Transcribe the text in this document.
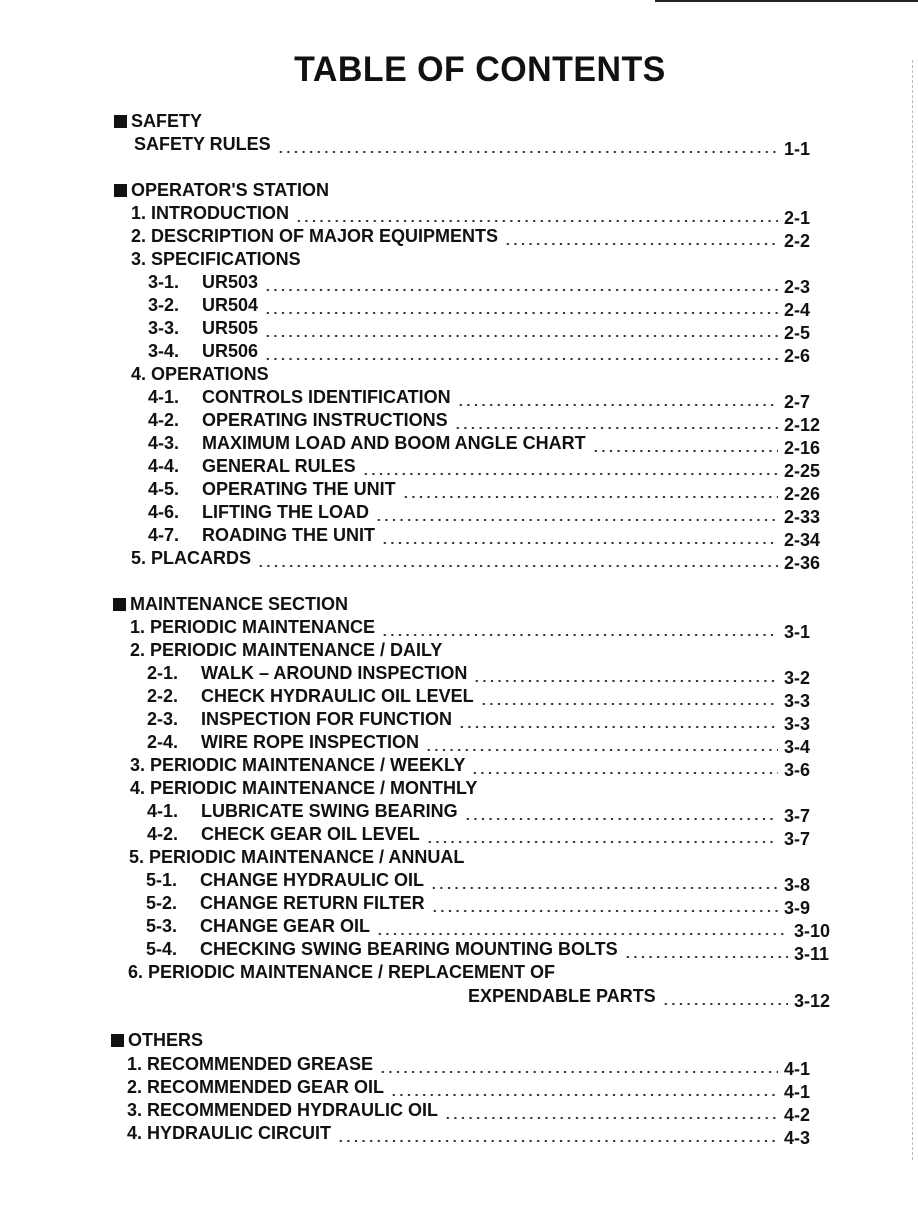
TABLE OF CONTENTS
SAFETY
SAFETY RULES	1-1
OPERATOR'S STATION
1. INTRODUCTION	2-1
2. DESCRIPTION OF MAJOR EQUIPMENTS	2-2
3. SPECIFICATIONS
3-1.	UR503	2-3
3-2.	UR504	2-4
3-3.	UR505	2-5
3-4.	UR506	2-6
4. OPERATIONS
4-1.	CONTROLS IDENTIFICATION	2-7
4-2.	OPERATING INSTRUCTIONS	2-12
4-3.	MAXIMUM LOAD AND BOOM ANGLE CHART	2-16
4-4.	GENERAL RULES	2-25
4-5.	OPERATING THE UNIT	2-26
4-6.	LIFTING THE LOAD	2-33
4-7.	ROADING THE UNIT	2-34
5. PLACARDS	2-36
MAINTENANCE SECTION
1. PERIODIC MAINTENANCE	3-1
2. PERIODIC MAINTENANCE / DAILY
2-1.	WALK – AROUND INSPECTION	3-2
2-2.	CHECK HYDRAULIC OIL LEVEL	3-3
2-3.	INSPECTION FOR FUNCTION	3-3
2-4.	WIRE ROPE INSPECTION	3-4
3. PERIODIC MAINTENANCE / WEEKLY	3-6
4. PERIODIC MAINTENANCE / MONTHLY
4-1.	LUBRICATE SWING BEARING	3-7
4-2.	CHECK GEAR OIL LEVEL	3-7
5. PERIODIC MAINTENANCE / ANNUAL
5-1.	CHANGE HYDRAULIC OIL	3-8
5-2.	CHANGE RETURN FILTER	3-9
5-3.	CHANGE GEAR OIL	3-10
5-4.	CHECKING SWING BEARING MOUNTING BOLTS	3-11
6. PERIODIC MAINTENANCE / REPLACEMENT OF
EXPENDABLE PARTS	3-12
OTHERS
1. RECOMMENDED GREASE	4-1
2. RECOMMENDED GEAR OIL	4-1
3. RECOMMENDED HYDRAULIC OIL	4-2
4. HYDRAULIC CIRCUIT	4-3
